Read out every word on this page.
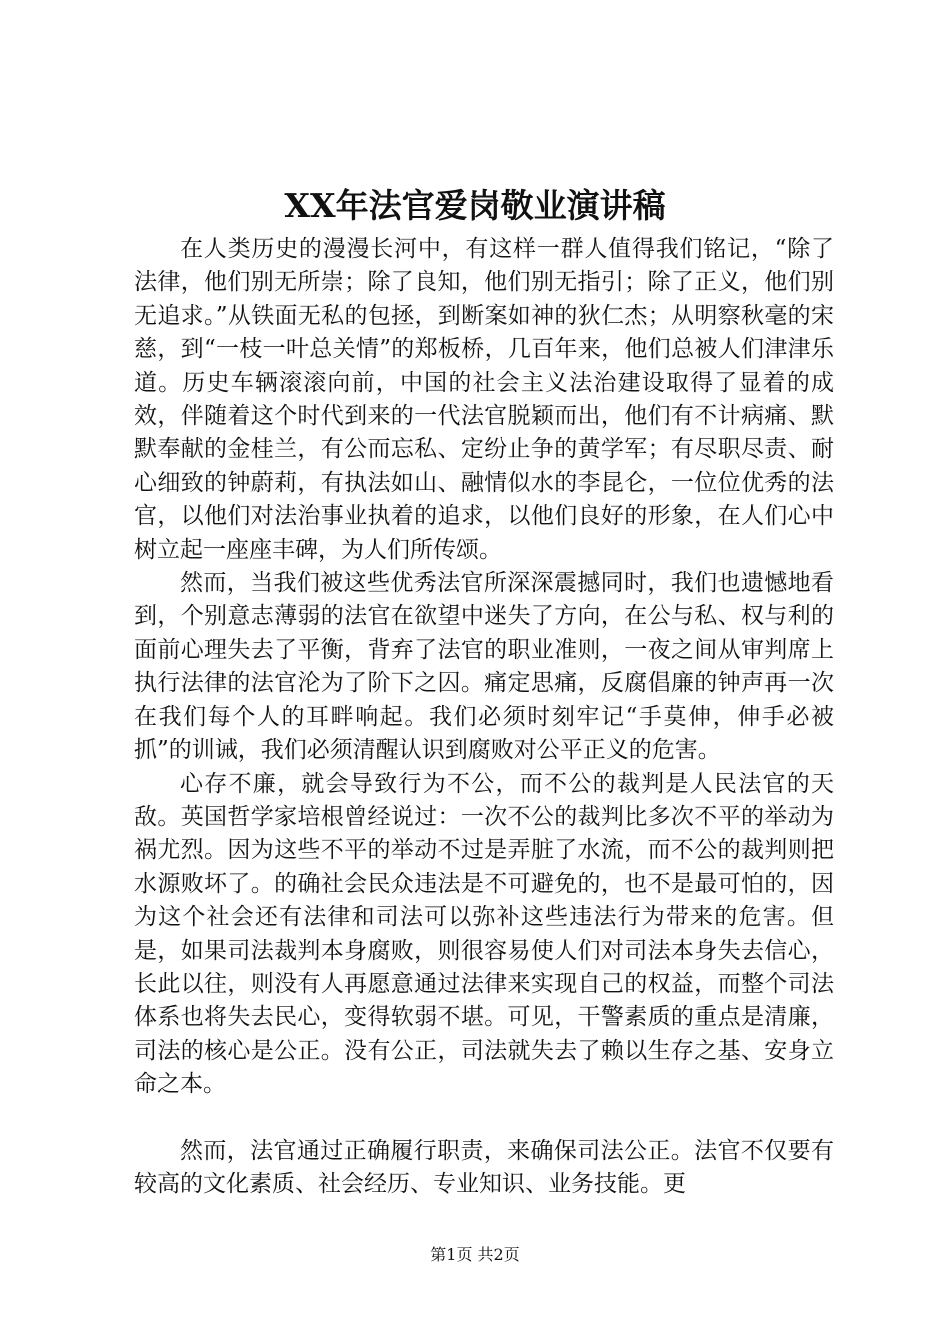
XX年法官爱岗敬业演讲稿

在人类历史的漫漫长河中，有这样一群人值得我们铭记，“除了法律，他们别无所崇；除了良知，他们别无指引；除了正义，他们别无追求。”从铁面无私的包拯，到断案如神的狄仁杰；从明察秋毫的宋慈，到“一枝一叶总关情”的郑板桥，几百年来，他们总被人们津津乐道。历史车辆滚滚向前，中国的社会主义法治建设取得了显着的成效，伴随着这个时代到来的一代法官脱颖而出，他们有不计病痛、默默奉献的金桂兰，有公而忘私、定纷止争的黄学军；有尽职尽责、耐心细致的钟蔚莉，有执法如山、融情似水的李昆仑，一位位优秀的法官，以他们对法治事业执着的追求，以他们良好的形象，在人们心中树立起一座座丰碑，为人们所传颂。

然而，当我们被这些优秀法官所深深震撼同时，我们也遗憾地看到，个别意志薄弱的法官在欲望中迷失了方向，在公与私、权与利的面前心理失去了平衡，背弃了法官的职业准则，一夜之间从审判席上执行法律的法官沦为了阶下之囚。痛定思痛，反腐倡廉的钟声再一次在我们每个人的耳畔响起。我们必须时刻牢记“手莫伸，伸手必被抓”的训诫，我们必须清醒认识到腐败对公平正义的危害。

心存不廉，就会导致行为不公，而不公的裁判是人民法官的天敌。英国哲学家培根曾经说过：一次不公的裁判比多次不平的举动为祸尤烈。因为这些不平的举动不过是弄脏了水流，而不公的裁判则把水源败坏了。的确社会民众违法是不可避免的，也不是最可怕的，因为这个社会还有法律和司法可以弥补这些违法行为带来的危害。但是，如果司法裁判本身腐败，则很容易使人们对司法本身失去信心，长此以往，则没有人再愿意通过法律来实现自己的权益，而整个司法体系也将失去民心，变得软弱不堪。可见，干警素质的重点是清廉，司法的核心是公正。没有公正，司法就失去了赖以生存之基、安身立命之本。

然而，法官通过正确履行职责，来确保司法公正。法官不仅要有较高的文化素质、社会经历、专业知识、业务技能。更

第1页 共2页
